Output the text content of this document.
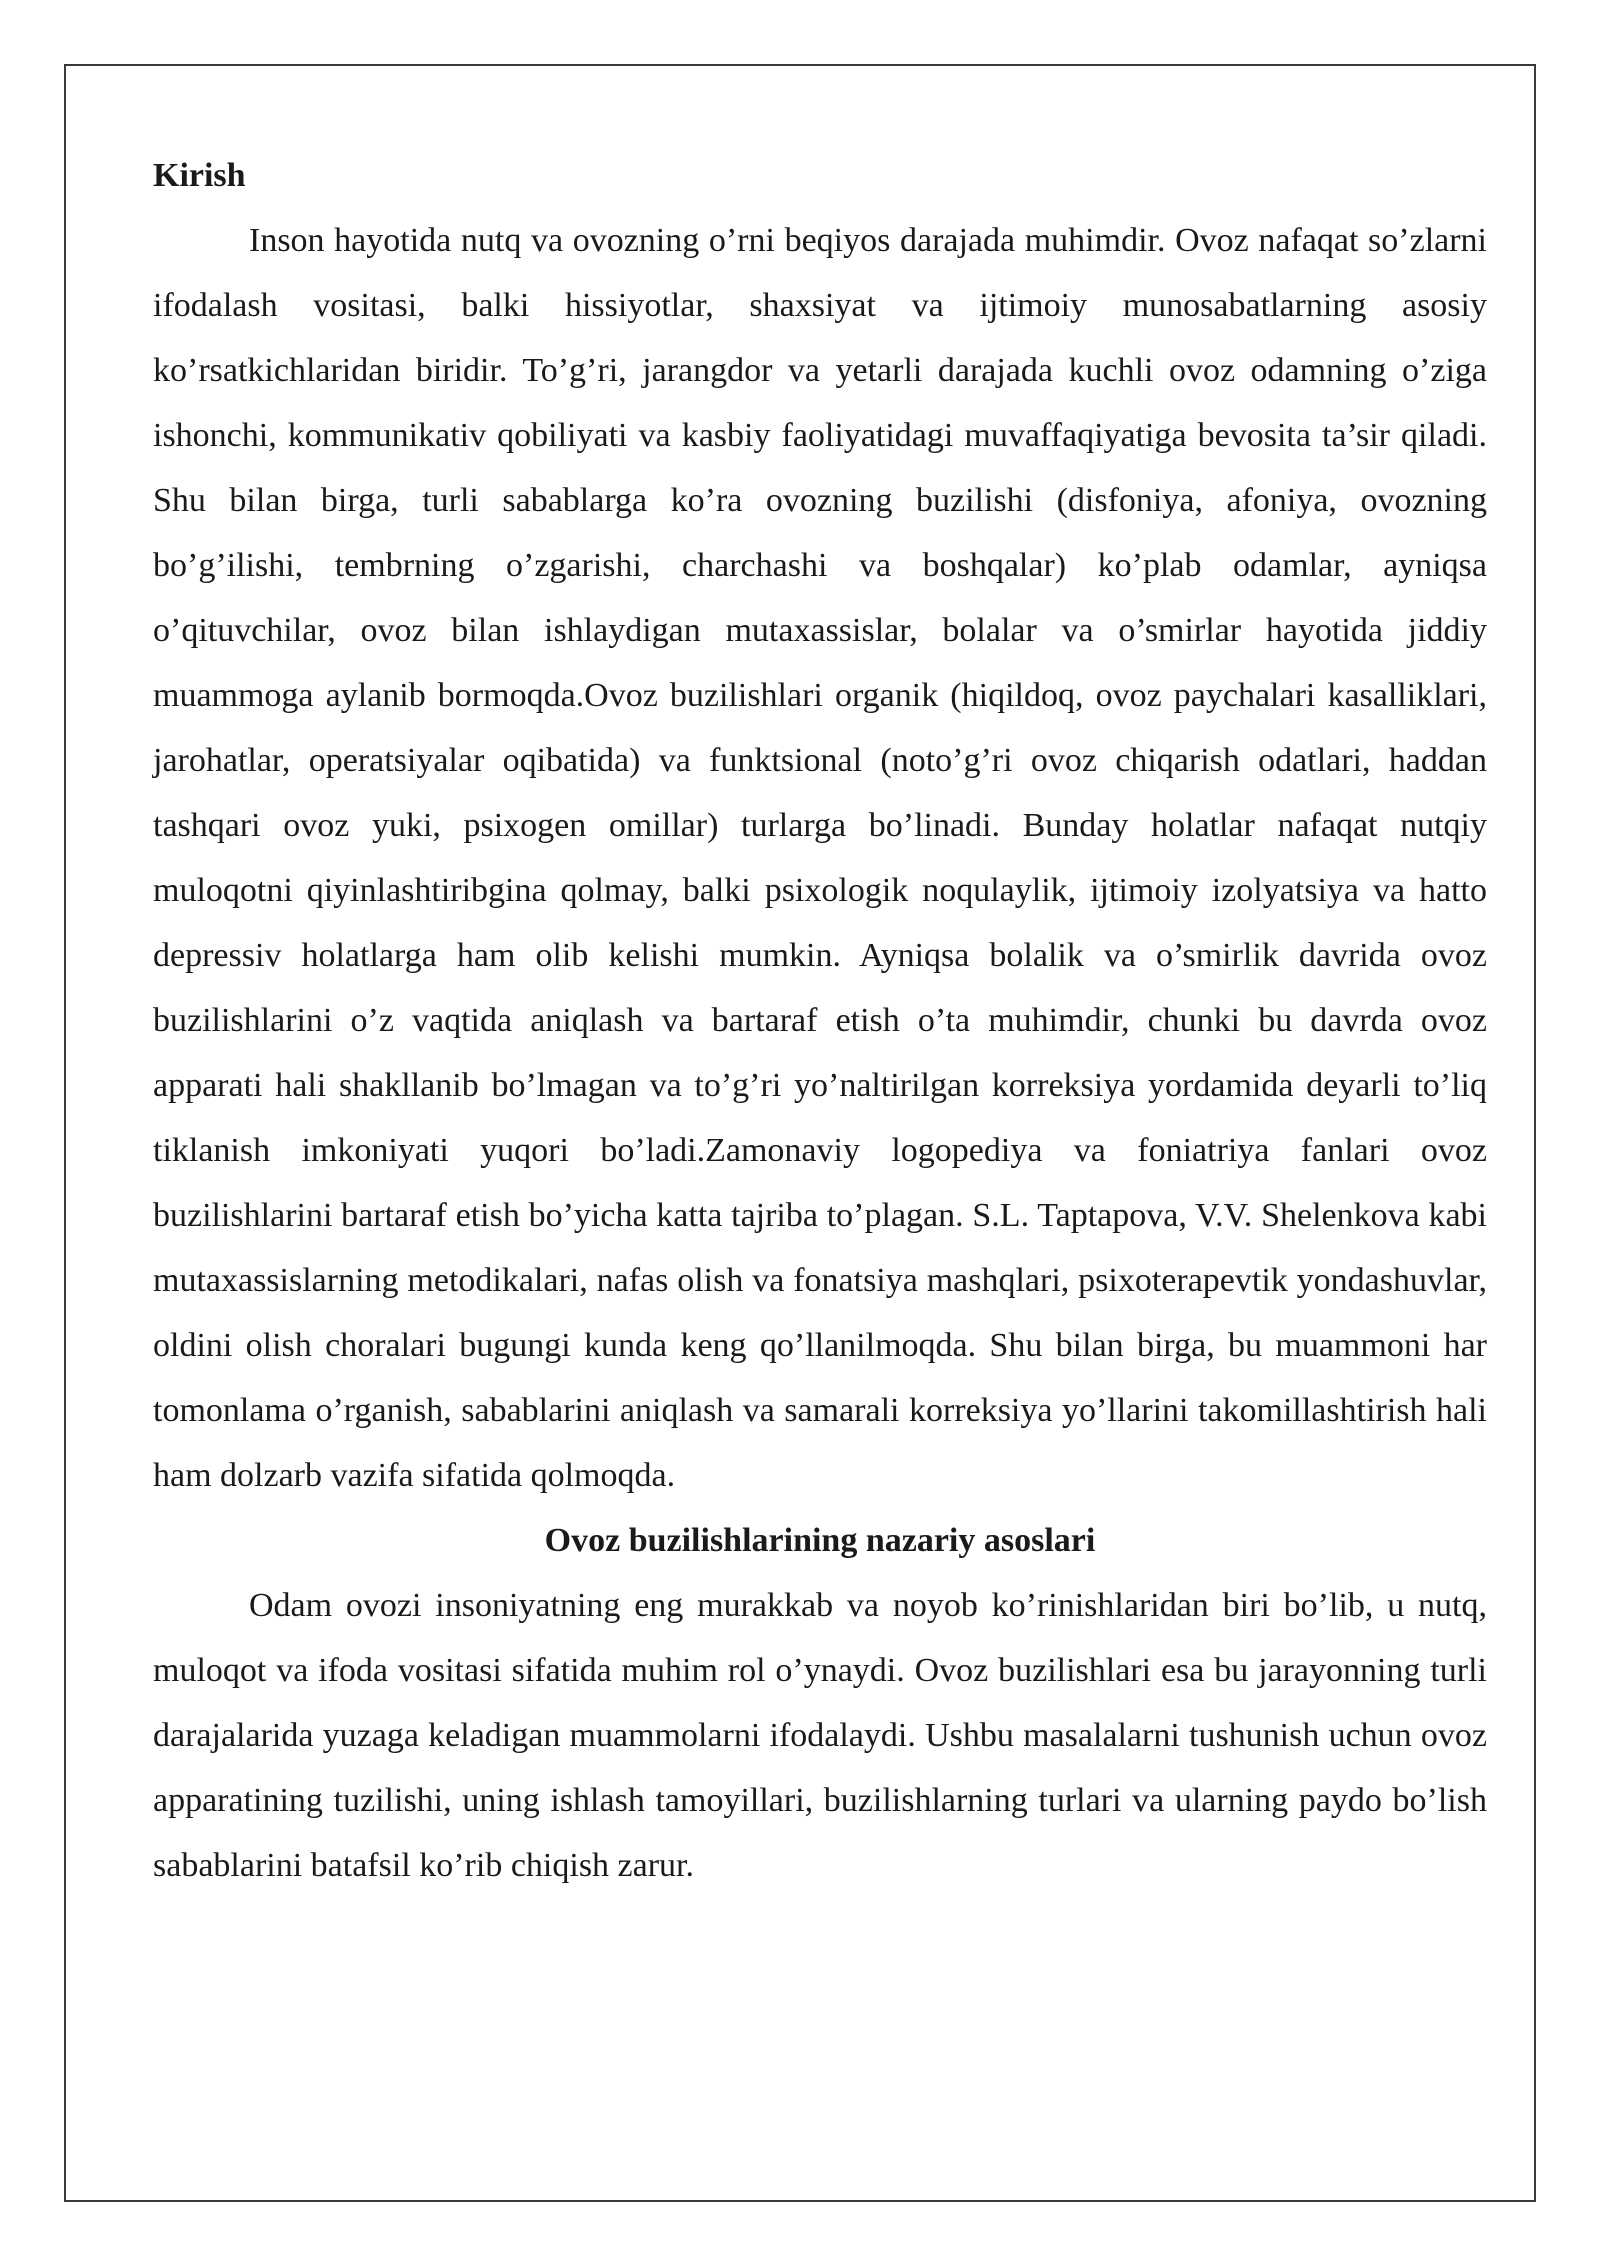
Kirish

Inson hayotida nutq va ovozning o’rni beqiyos darajada muhimdir. Ovoz nafaqat so’zlarni ifodalash vositasi, balki hissiyotlar, shaxsiyat va ijtimoiy munosabatlarning asosiy ko’rsatkichlaridan biridir. To’g’ri, jarangdor va yetarli darajada kuchli ovoz odamning o’ziga ishonchi, kommunikativ qobiliyati va kasbiy faoliyatidagi muvaffaqiyatiga bevosita ta’sir qiladi. Shu bilan birga, turli sabablarga ko’ra ovozning buzilishi (disfoniya, afoniya, ovozning bo’g’ilishi, tembrning o’zgarishi, charchashi va boshqalar) ko’plab odamlar, ayniqsa o’qituvchilar, ovoz bilan ishlaydigan mutaxassislar, bolalar va o’smirlar hayotida jiddiy muammoga aylanib bormoqda.Ovoz buzilishlari organik (hiqildoq, ovoz paychalari kasalliklari, jarohatlar, operatsiyalar oqibatida) va funktsional (noto’g’ri ovoz chiqarish odatlari, haddan tashqari ovoz yuki, psixogen omillar) turlarga bo’linadi. Bunday holatlar nafaqat nutqiy muloqotni qiyinlashtiribgina qolmay, balki psixologik noqulaylik, ijtimoiy izolyatsiya va hatto depressiv holatlarga ham olib kelishi mumkin. Ayniqsa bolalik va o’smirlik davrida ovoz buzilishlarini o’z vaqtida aniqlash va bartaraf etish o’ta muhimdir, chunki bu davrda ovoz apparati hali shakllanib bo’lmagan va to’g’ri yo’naltirilgan korreksiya yordamida deyarli to’liq tiklanish imkoniyati yuqori bo’ladi.Zamonaviy logopediya va foniatriya fanlari ovoz buzilishlarini bartaraf etish bo’yicha katta tajriba to’plagan. S.L. Taptapova, V.V. Shelenkova kabi mutaxassislarning metodikalari, nafas olish va fonatsiya mashqlari, psixoterapevtik yondashuvlar, oldini olish choralari bugungi kunda keng qo’llanilmoqda. Shu bilan birga, bu muammoni har tomonlama o’rganish, sabablarini aniqlash va samarali korreksiya yo’llarini takomillashtirish hali ham dolzarb vazifa sifatida qolmoqda.

Ovoz buzilishlarining nazariy asoslari

Odam ovozi insoniyatning eng murakkab va noyob ko’rinishlaridan biri bo’lib, u nutq, muloqot va ifoda vositasi sifatida muhim rol o’ynaydi. Ovoz buzilishlari esa bu jarayonning turli darajalarida yuzaga keladigan muammolarni ifodalaydi. Ushbu masalalarni tushunish uchun ovoz apparatining tuzilishi, uning ishlash tamoyillari, buzilishlarning turlari va ularning paydo bo’lish sabablarini batafsil ko’rib chiqish zarur.
